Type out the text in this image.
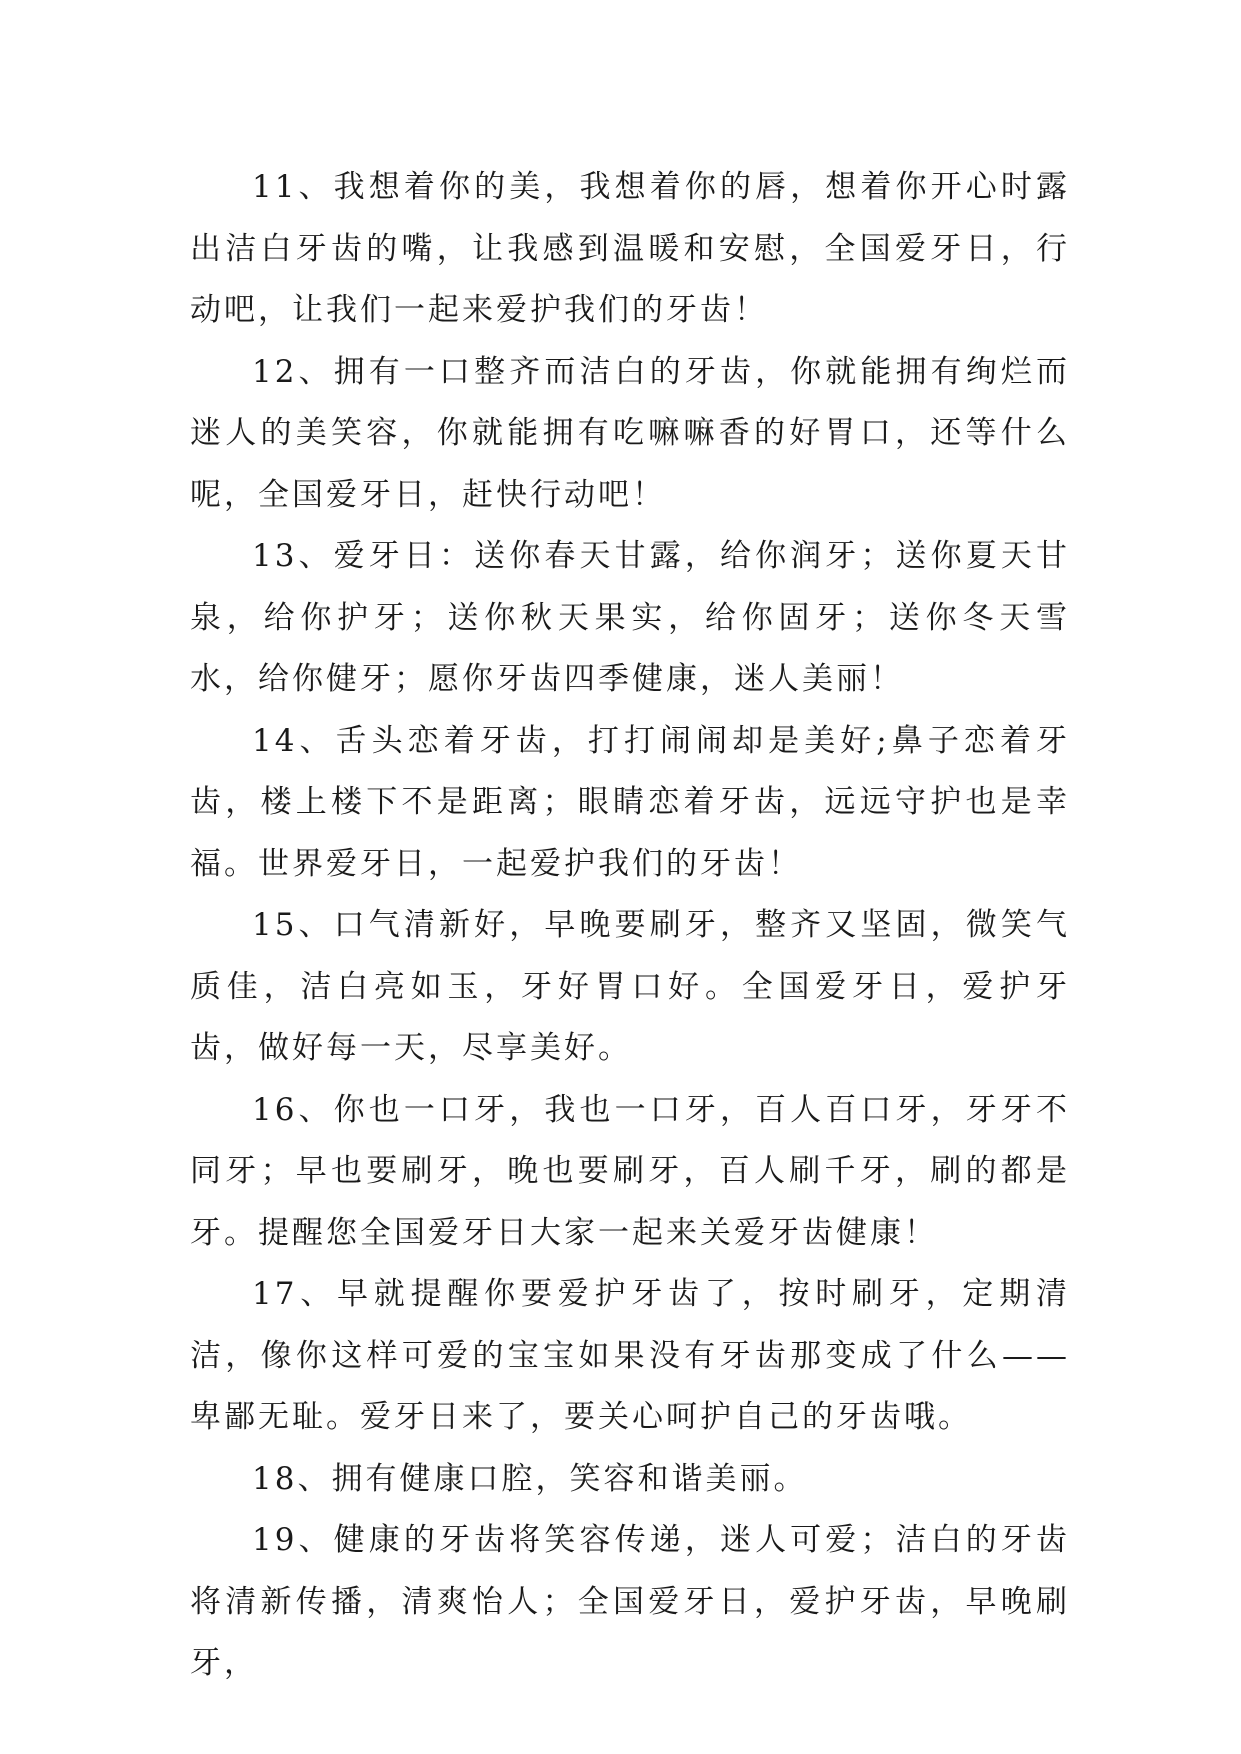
11、我想着你的美，我想着你的唇，想着你开心时露出洁白牙齿的嘴，让我感到温暖和安慰，全国爱牙日，行动吧，让我们一起来爱护我们的牙齿！

12、拥有一口整齐而洁白的牙齿，你就能拥有绚烂而迷人的美笑容，你就能拥有吃嘛嘛香的好胃口，还等什么呢，全国爱牙日，赶快行动吧！

13、爱牙日：送你春天甘露，给你润牙；送你夏天甘泉，给你护牙；送你秋天果实，给你固牙；送你冬天雪水，给你健牙；愿你牙齿四季健康，迷人美丽！

14、舌头恋着牙齿，打打闹闹却是美好;鼻子恋着牙齿，楼上楼下不是距离；眼睛恋着牙齿，远远守护也是幸福。世界爱牙日，一起爱护我们的牙齿！

15、口气清新好，早晚要刷牙，整齐又坚固，微笑气质佳，洁白亮如玉，牙好胃口好。全国爱牙日，爱护牙齿，做好每一天，尽享美好。

16、你也一口牙，我也一口牙，百人百口牙，牙牙不同牙；早也要刷牙，晚也要刷牙，百人刷千牙，刷的都是牙。提醒您全国爱牙日大家一起来关爱牙齿健康！

17、早就提醒你要爱护牙齿了，按时刷牙，定期清洁，像你这样可爱的宝宝如果没有牙齿那变成了什么——卑鄙无耻。爱牙日来了，要关心呵护自己的牙齿哦。

18、拥有健康口腔，笑容和谐美丽。

19、健康的牙齿将笑容传递，迷人可爱；洁白的牙齿将清新传播，清爽怡人；全国爱牙日，爱护牙齿，早晚刷牙，
